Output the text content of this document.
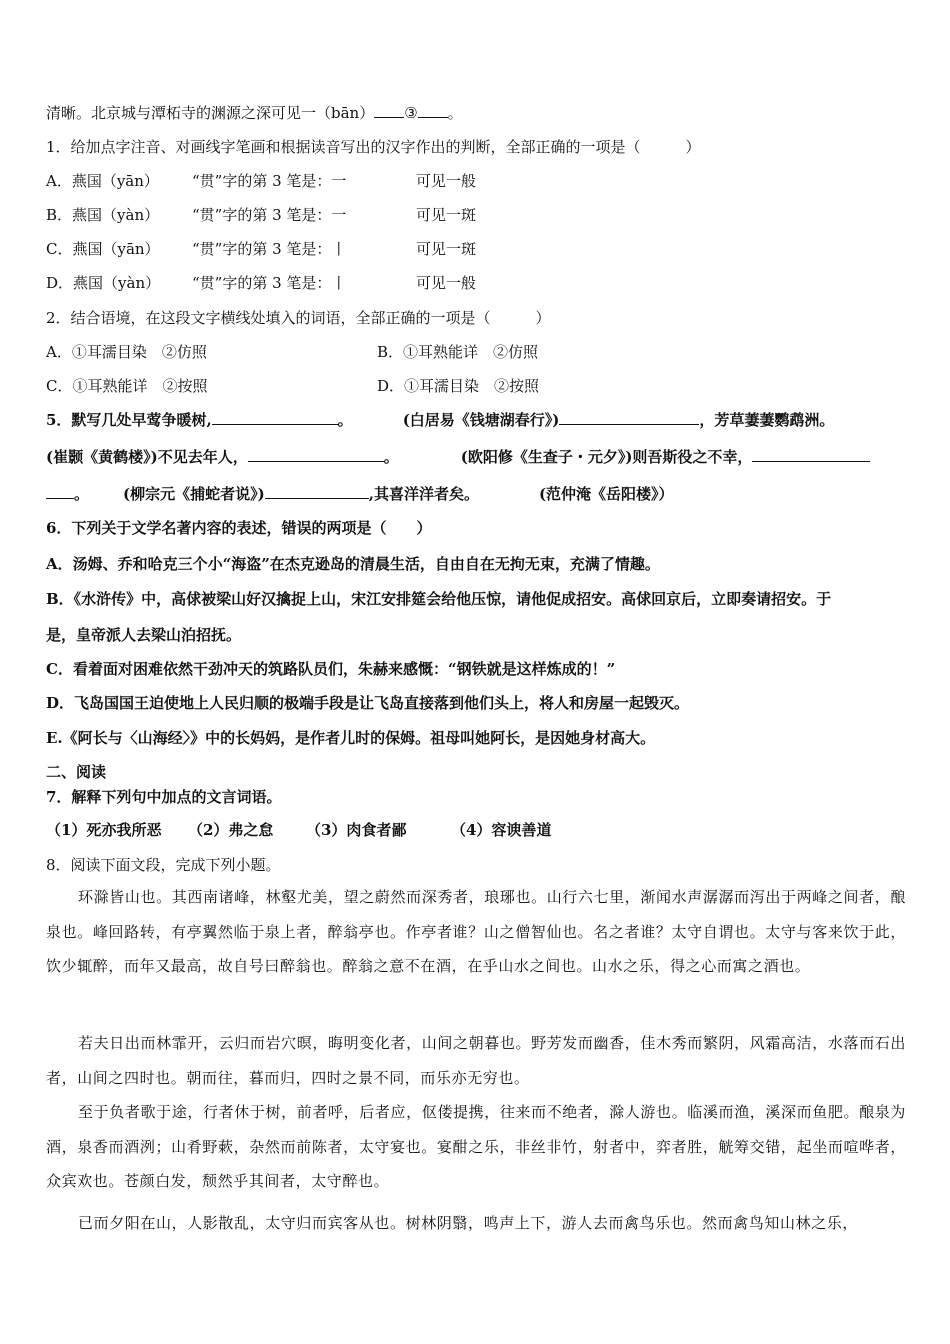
清晰。北京城与潭柘寺的渊源之深可见一（bān） ③ 。
1．给加点字注音、对画线字笔画和根据读音写出的汉字作出的判断，全部正确的一项是（　　　）
A．燕国（yān） “贯”字的第 3 笔是：一	可见一般
B．燕国（yàn） “贯”字的第 3 笔是：一	可见一斑
C．燕国（yān） “贯”字的第 3 笔是：丨	可见一斑
D．燕国（yàn） “贯”字的第 3 笔是：丨	可见一般
2．结合语境，在这段文字横线处填入的词语，全部正确的一项是（　　　）
A．①耳濡目染　②仿照	B．①耳熟能详　②仿照
C．①耳熟能详　②按照	D．①耳濡目染　②按照
5．默写几处早莺争暖树,	。	(白居易《钱塘湖春行》)	，芳草萋萋鹦鹉洲。
(崔颢《黄鹤楼》)不见去年人，	。	(欧阳修《生查子・元夕》)则吾斯役之不幸，
。 (柳宗元《捕蛇者说》)	,其喜洋洋者矣。	(范仲淹《岳阳楼》）
6．下列关于文学名著内容的表述，错误的两项是（　　）
A．汤姆、乔和哈克三个小“海盗”在杰克逊岛的清晨生活，自由自在无拘无束，充满了情趣。
B．《水浒传》中，高俅被梁山好汉擒捉上山，宋江安排筵会给他压惊，请他促成招安。高俅回京后，立即奏请招安。于
是，皇帝派人去梁山泊招抚。
C．看着面对困难依然干劲冲天的筑路队员们，朱赫来感慨：“钢铁就是这样炼成的！”
D．飞岛国国王迫使地上人民归顺的极端手段是让飞岛直接落到他们头上，将人和房屋一起毁灭。
E.《阿长与〈山海经〉》中的长妈妈，是作者儿时的保姆。祖母叫她阿长，是因她身材高大。
二、阅读
7．解释下列句中加点的文言词语。
（1）死亦我所恶 （2）弗之怠 （3）肉食者鄙	（4）容谀善道
8．阅读下面文段，完成下列小题。
环滁皆山也。其西南诸峰，林壑尤美，望之蔚然而深秀者，琅琊也。山行六七里，渐闻水声潺潺而泻出于两峰之间者，酿泉也。峰回路转，有亭翼然临于泉上者，醉翁亭也。作亭者谁？山之僧智仙也。名之者谁？太守自谓也。太守与客来饮于此，饮少辄醉，而年又最高，故自号曰醉翁也。醉翁之意不在酒，在乎山水之间也。山水之乐，得之心而寓之酒也。
若夫日出而林霏开，云归而岩穴暝，晦明变化者，山间之朝暮也。野芳发而幽香，佳木秀而繁阴，风霜高洁，水落而石出者，山间之四时也。朝而往，暮而归，四时之景不同，而乐亦无穷也。
至于负者歌于途，行者休于树，前者呼，后者应，伛偻提携，往来而不绝者，滁人游也。临溪而渔，溪深而鱼肥。酿泉为酒，泉香而酒洌；山肴野蔌，杂然而前陈者，太守宴也。宴酣之乐，非丝非竹，射者中，弈者胜，觥筹交错，起坐而喧哗者，众宾欢也。苍颜白发，颓然乎其间者，太守醉也。
已而夕阳在山，人影散乱，太守归而宾客从也。树林阴翳，鸣声上下，游人去而禽鸟乐也。然而禽鸟知山林之乐，
